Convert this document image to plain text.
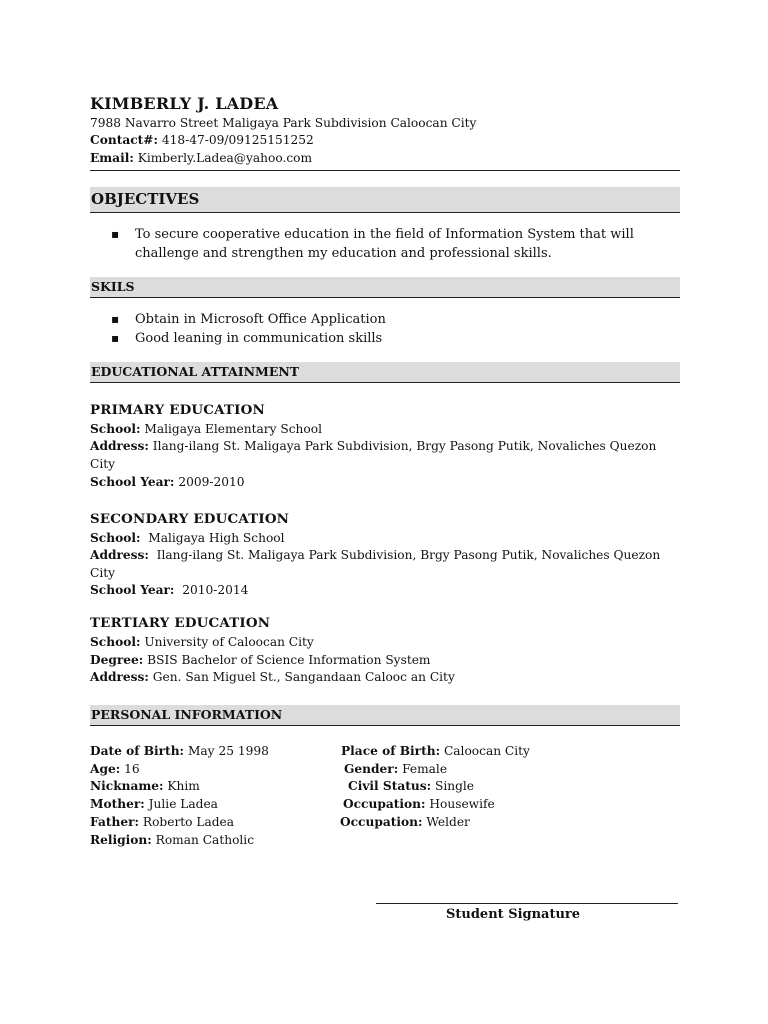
KIMBERLY J. LADEA
7988 Navarro Street Maligaya Park Subdivision Caloocan City
Contact#: 418-47-09/09125151252
Email: Kimberly.Ladea@yahoo.com
OBJECTIVES
▪ To secure cooperative education in the field of Information System that will challenge and strengthen my education and professional skills.
SKILS
▪ Obtain in Microsoft Office Application
▪ Good leaning in communication skills
EDUCATIONAL ATTAINMENT
PRIMARY EDUCATION
School: Maligaya Elementary School
Address: Ilang-ilang St. Maligaya Park Subdivision, Brgy Pasong Putik, Novaliches Quezon City
School Year: 2009-2010
SECONDARY EDUCATION
School: Maligaya High School
Address: Ilang-ilang St. Maligaya Park Subdivision, Brgy Pasong Putik, Novaliches Quezon City
School Year: 2010-2014
TERTIARY EDUCATION
School: University of Caloocan City
Degree: BSIS Bachelor of Science Information System
Address: Gen. San Miguel St., Sangandaan Calooc an City
PERSONAL INFORMATION
Date of Birth: May 25 1998
Age: 16
Nickname: Khim
Mother: Julie Ladea
Father: Roberto Ladea
Religion: Roman Catholic
Place of Birth: Caloocan City
Gender: Female
Civil Status: Single
Occupation: Housewife
Occupation: Welder
Student Signature
